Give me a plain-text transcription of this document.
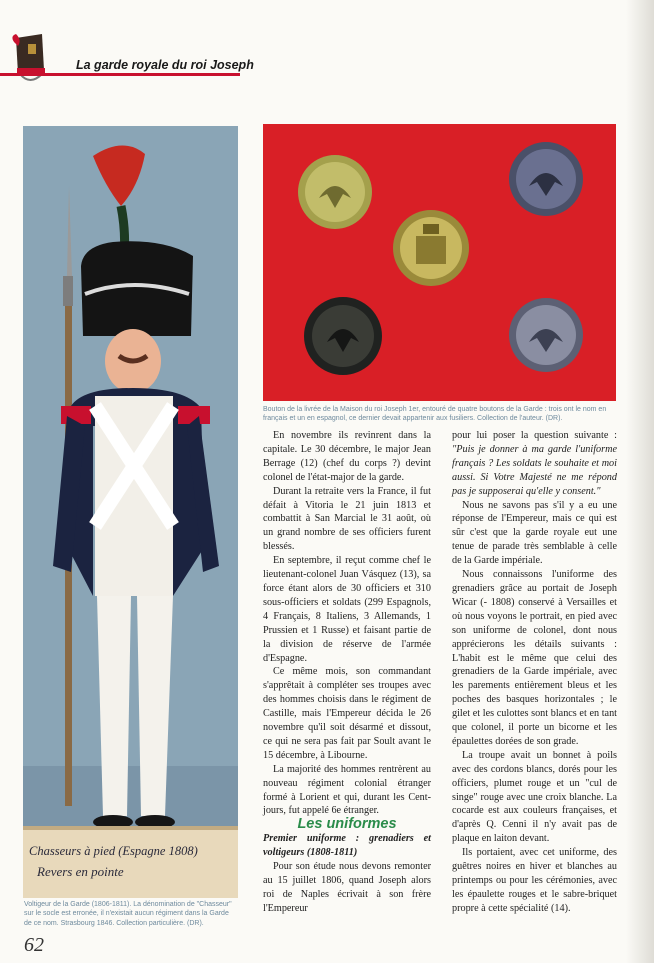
La garde royale du roi Joseph
Chasseurs à pied (Espagne 1808)
Revers en pointe
Voltigeur de la Garde (1806-1811). La dénomination de "Chasseur" sur le socle est erronée, il n'existait aucun régiment dans la Garde de ce nom. Strasbourg 1846. Collection particulière. (DR).
Bouton de la livrée de la Maison du roi Joseph 1er, entouré de quatre boutons de la Garde : trois ont le nom en français et un en espagnol, ce dernier devait appartenir aux fusiliers. Collection de l'auteur. (DR).

En novembre ils revinrent dans la capitale. Le 30 décembre, le major Jean Berrage (12) (chef du corps ?) devint colonel de l'état-major de la garde.

Durant la retraite vers la France, il fut défait à Vitoria le 21 juin 1813 et combattit à San Marcial le 31 août, où un grand nombre de ses officiers furent blessés.

En septembre, il reçut comme chef le lieutenant-colonel Juan Vásquez (13), sa force étant alors de 30 officiers et 310 sous-officiers et soldats (299 Espagnols, 4 Français, 8 Italiens, 3 Allemands, 1 Prussien et 1 Russe) et faisant partie de la division de réserve de l'armée d'Espagne.

Ce même mois, son commandant s'apprêtait à compléter ses troupes avec des hommes choisis dans le régiment de Castille, mais l'Empereur décida le 26 novembre qu'il soit désarmé et dissout, ce qui ne sera pas fait par Soult avant le 15 décembre, à Libourne.

La majorité des hommes rentrèrent au nouveau régiment colonial étranger formé à Lorient et qui, durant les Cent-jours, fut appelé 6e étranger.

Les uniformes

Premier uniforme : grenadiers et voltigeurs (1808-1811)

Pour son étude nous devons remonter au 15 juillet 1806, quand Joseph alors roi de Naples écrivait à son frère l'Empereur

pour lui poser la question suivante : "Puis je donner à ma garde l'uniforme français ? Les soldats le souhaite et moi aussi. Si Votre Majesté ne me répond pas je supposerai qu'elle y consent."

Nous ne savons pas s'il y a eu une réponse de l'Empereur, mais ce qui est sûr c'est que la garde royale eut une tenue de parade très semblable à celle de la Garde impériale.

Nous connaissons l'uniforme des grenadiers grâce au portait de Joseph Wicar (- 1808) conservé à Versailles et où nous voyons le portrait, en pied avec son uniforme de colonel, dont nous apprécierons les détails suivants : L'habit est le même que celui des grenadiers de la Garde impériale, avec les parements entièrement bleus et les poches des basques horizontales ; le gilet et les culottes sont blancs et en tant que colonel, il porte un bicorne et les épaulettes dorées de son grade.

La troupe avait un bonnet à poils avec des cordons blancs, dorés pour les officiers, plumet rouge et un "cul de singe" rouge avec une croix blanche. La cocarde est aux couleurs françaises, et d'après Q. Cenni il n'y avait pas de plaque en laiton devant.

Ils portaient, avec cet uniforme, des guêtres noires en hiver et blanches au printemps ou pour les cérémonies, avec les épaulette rouges et le sabre-briquet propre à cette spécialité (14).

62
